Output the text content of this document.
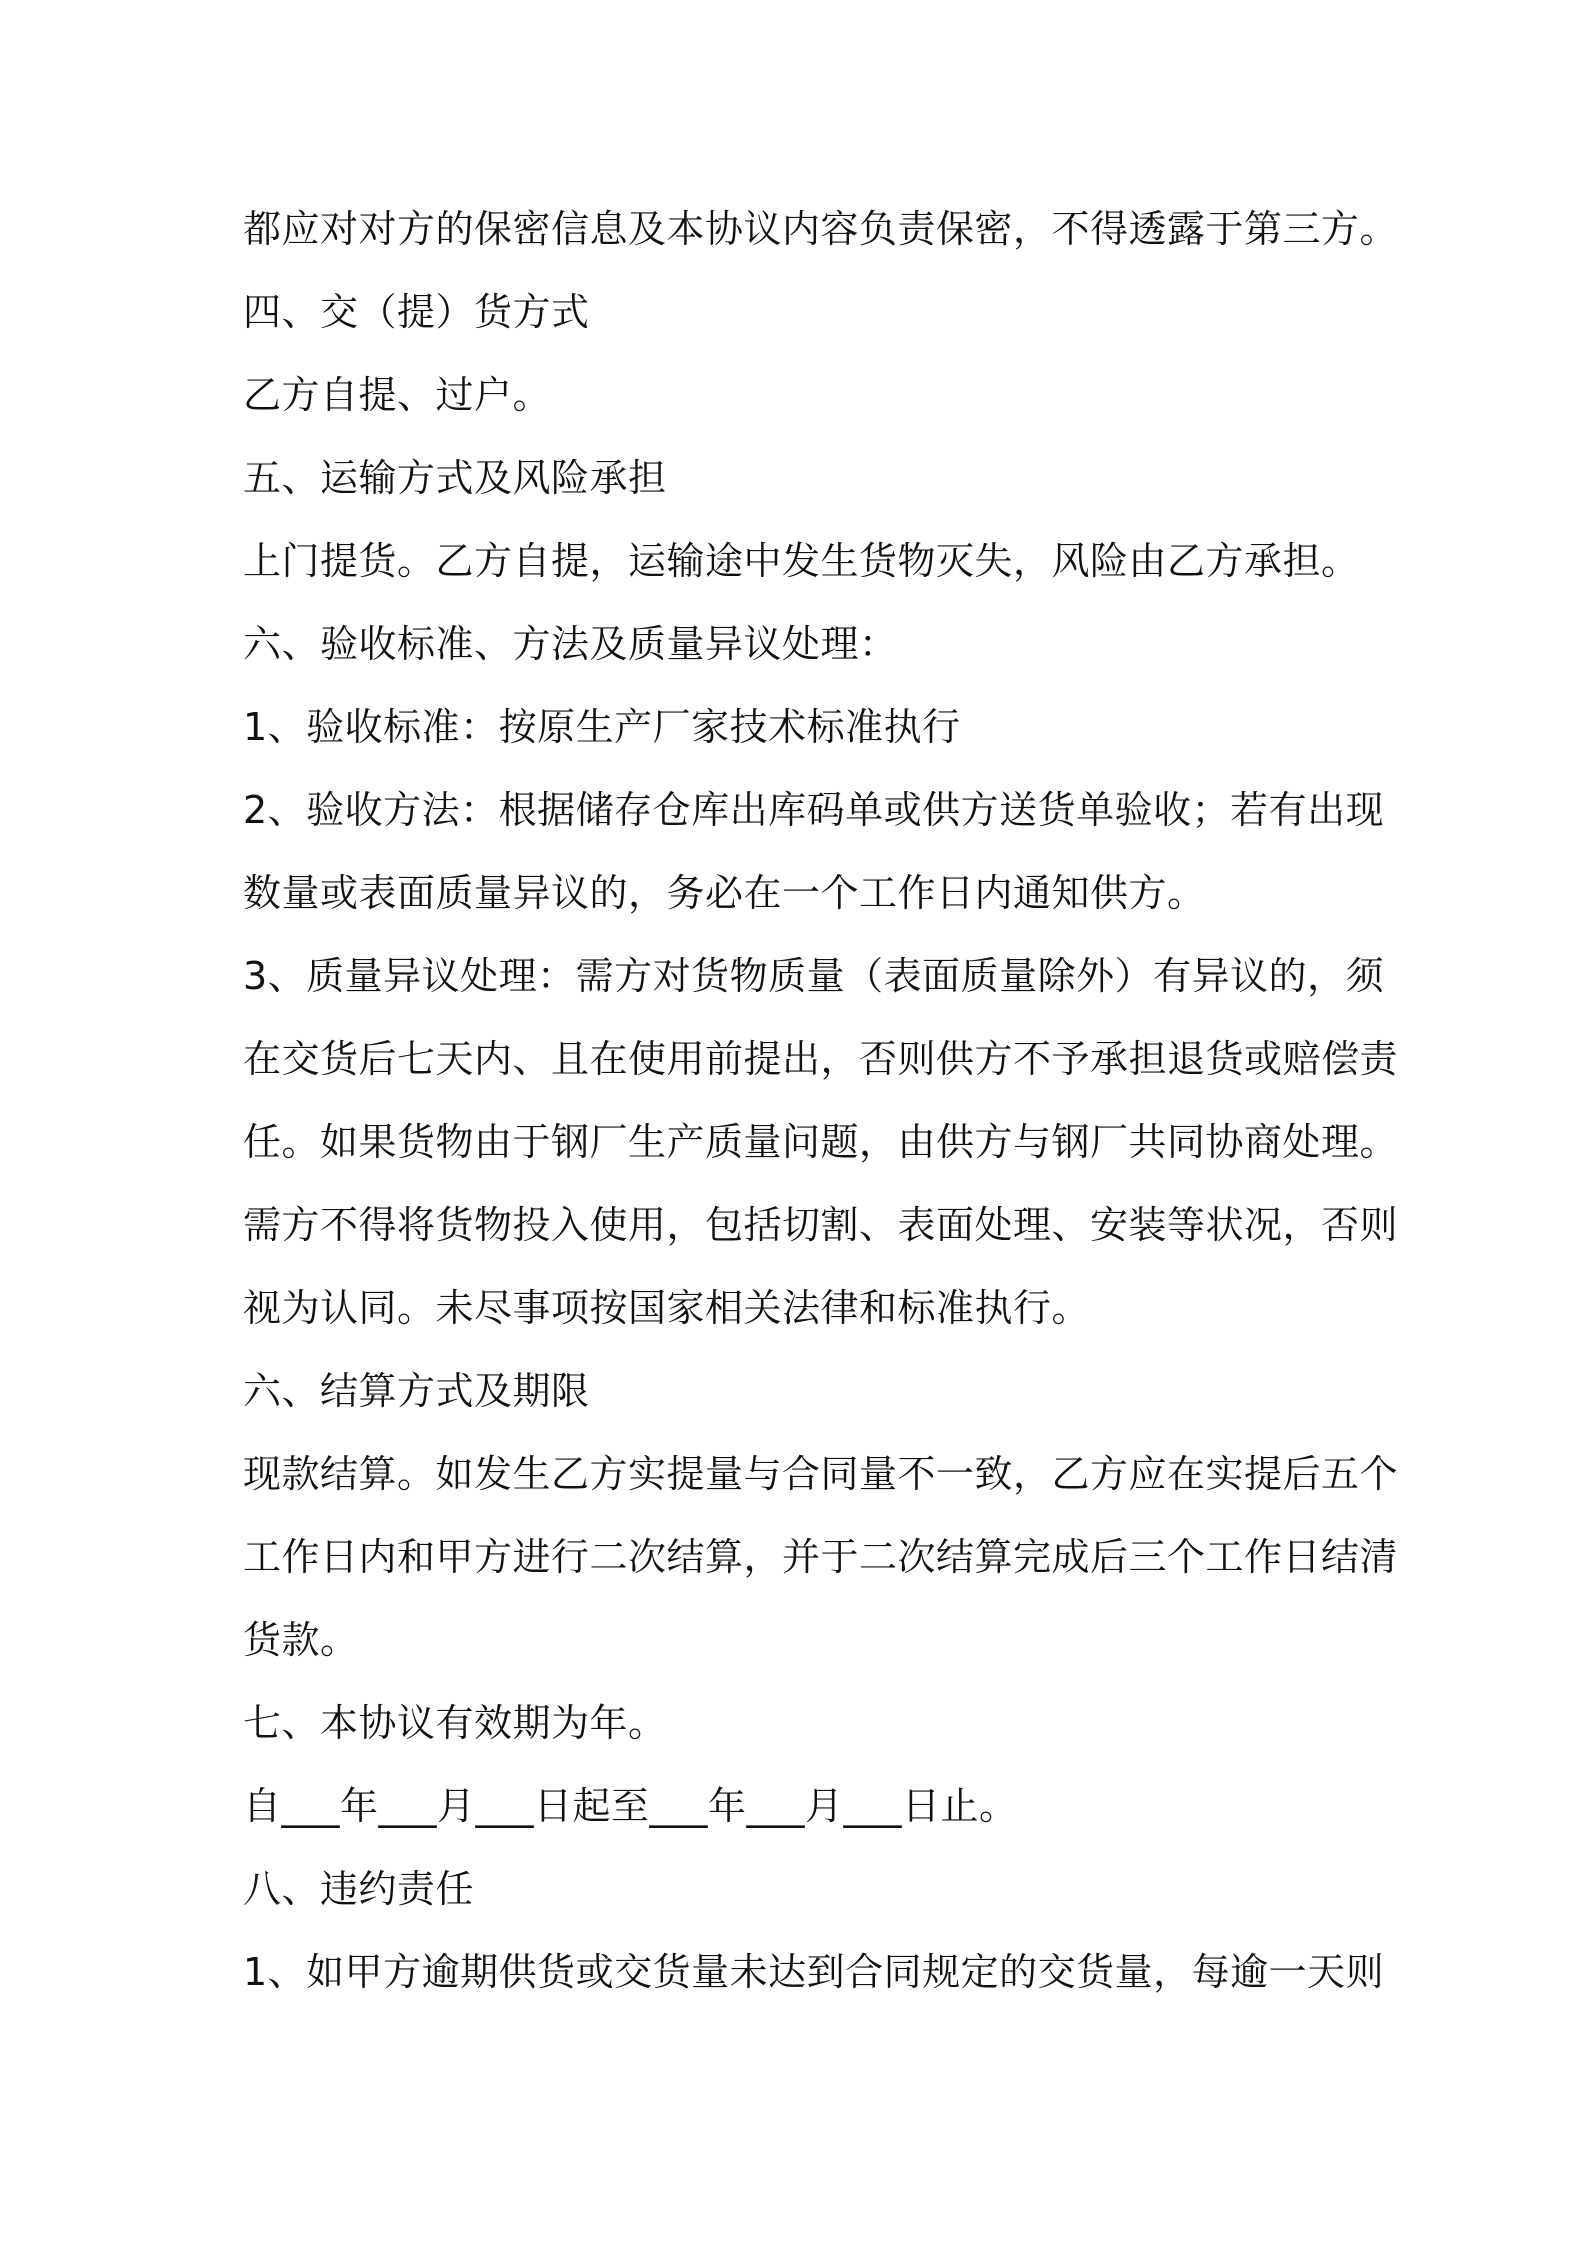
都应对对方的保密信息及本协议内容负责保密，不得透露于第三方。
四、交（提）货方式
乙方自提、过户。
五、运输方式及风险承担
上门提货。乙方自提，运输途中发生货物灭失，风险由乙方承担。
六、验收标准、方法及质量异议处理：
1、验收标准：按原生产厂家技术标准执行
2、验收方法：根据储存仓库出库码单或供方送货单验收；若有出现
数量或表面质量异议的，务必在一个工作日内通知供方。
3、质量异议处理：需方对货物质量（表面质量除外）有异议的，须
在交货后七天内、且在使用前提出，否则供方不予承担退货或赔偿责
任。如果货物由于钢厂生产质量问题，由供方与钢厂共同协商处理。
需方不得将货物投入使用，包括切割、表面处理、安装等状况，否则
视为认同。未尽事项按国家相关法律和标准执行。
六、结算方式及期限
现款结算。如发生乙方实提量与合同量不一致，乙方应在实提后五个
工作日内和甲方进行二次结算，并于二次结算完成后三个工作日结清
货款。
七、本协议有效期为年。
自___年___月___日起至___年___月___日止。
八、违约责任
1、如甲方逾期供货或交货量未达到合同规定的交货量，每逾一天则
